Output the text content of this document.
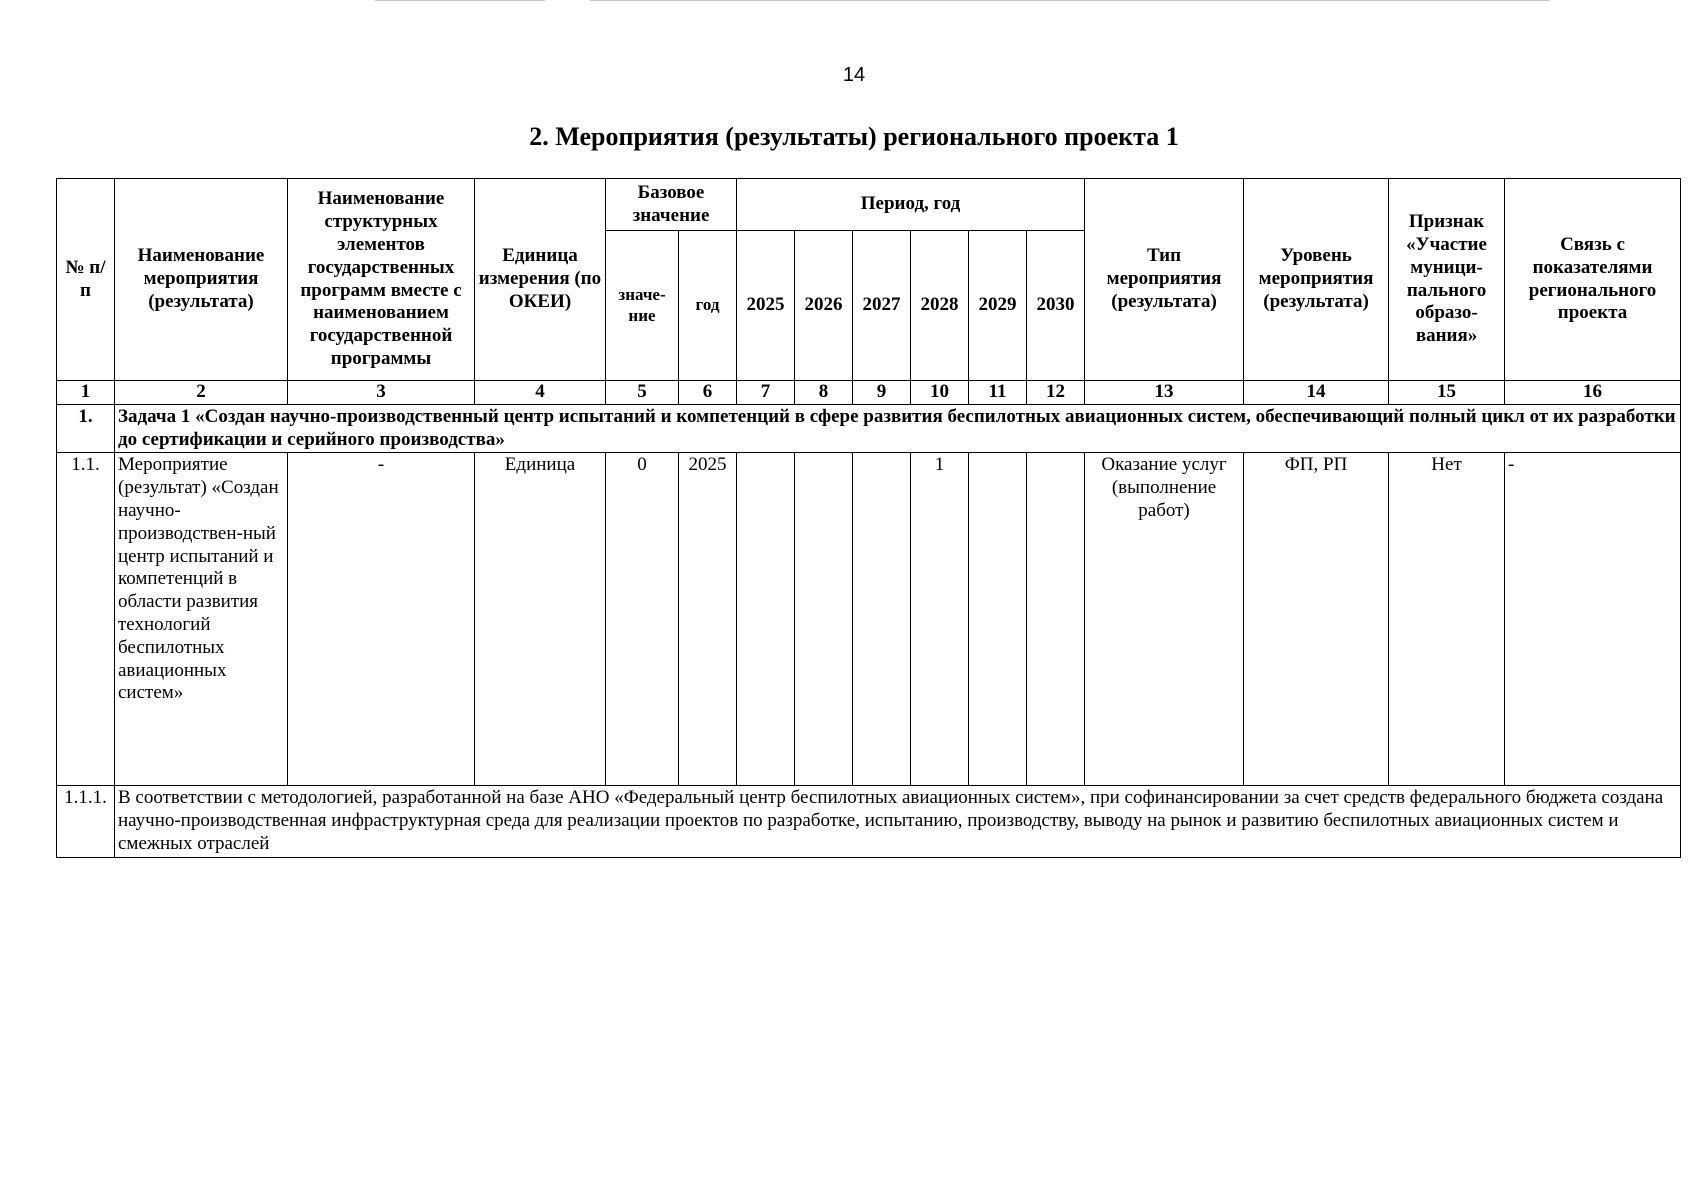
14
2. Мероприятия (результаты) регионального проекта 1
№ п/п	Наименование мероприятия (результата)	Наименование структурных элементов государственных программ вместе с наименованием государственной программы	Единица измерения (по ОКЕИ)	Базовое значение		Период, год						Тип мероприятия (результата)	Уровень мероприятия (результата)	Признак «Участие муници-пального образо-вания»	Связь с показателями регионального проекта
				значе-ние	год	2025	2026	2027	2028	2029	2030				
1	2	3	4	5	6	7	8	9	10	11	12	13	14	15	16
1.	Задача 1 «Создан научно-производственный центр испытаний и компетенций в сфере развития беспилотных авиационных систем, обеспечивающий полный цикл от их разработки до сертификации и серийного производства»														
1.1.	Мероприятие (результат) «Создан научно-производствен-ный центр испытаний и компетенций в области развития технологий беспилотных авиационных систем»	-	Единица	0	2025				1			Оказание услуг (выполнение работ)	ФП, РП	Нет	-
1.1.1.	В соответствии с методологией, разработанной на базе АНО «Федеральный центр беспилотных авиационных систем», при софинансировании за счет средств федерального бюджета создана научно-производственная инфраструктурная среда для реализации проектов по разработке, испытанию, производству, выводу на рынок и развитию беспилотных авиационных систем и смежных отраслей														
